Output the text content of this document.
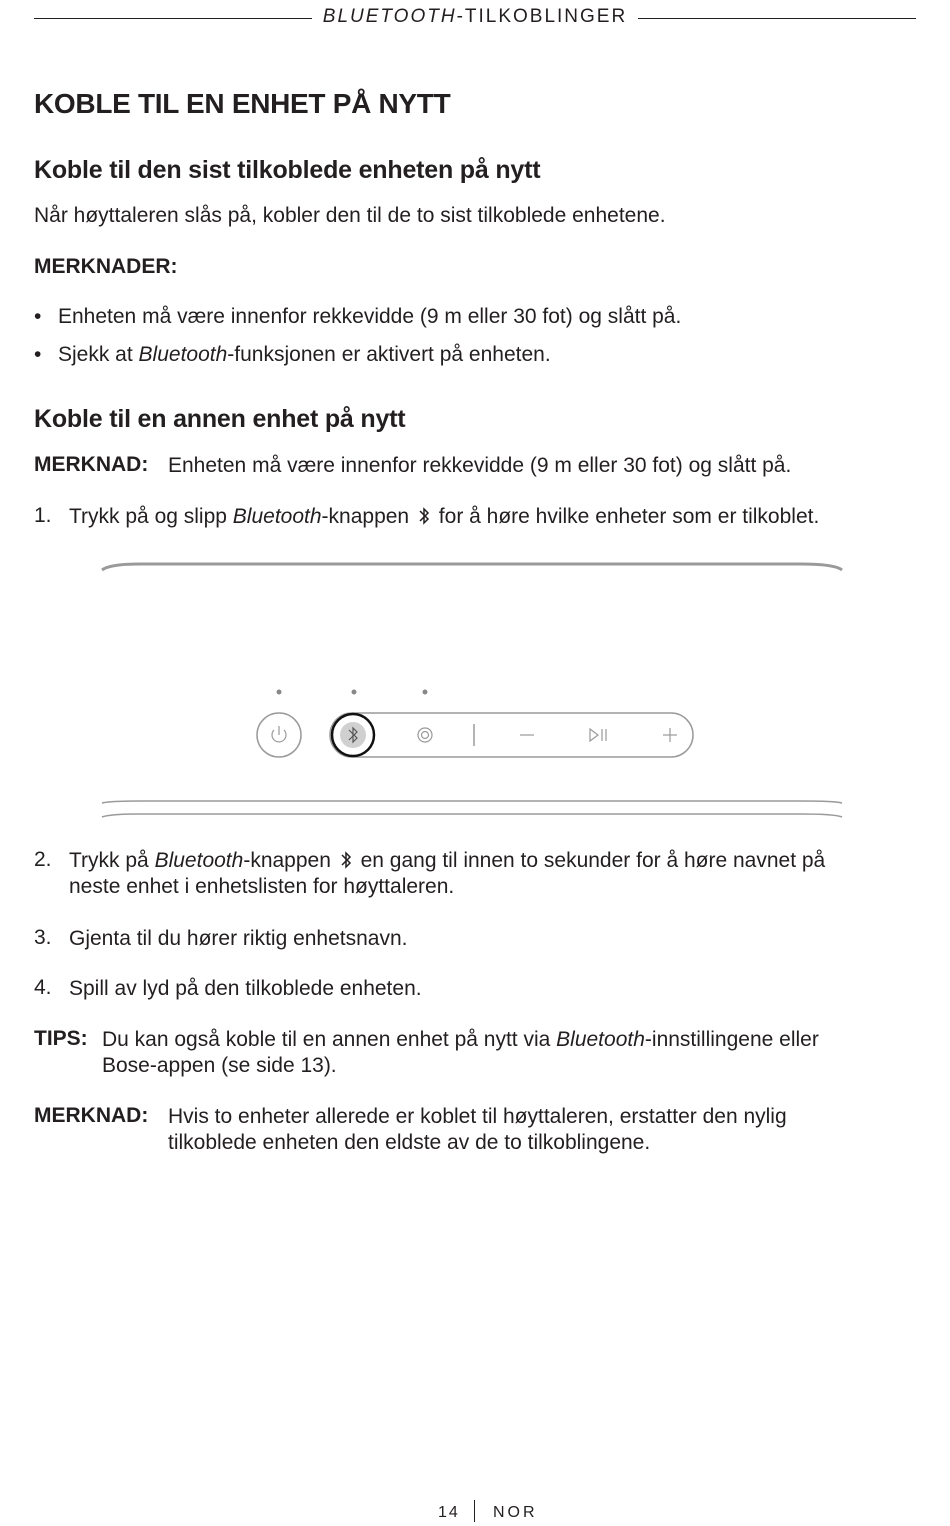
BLUETOOTH-TILKOBLINGER
KOBLE TIL EN ENHET PÅ NYTT
Koble til den sist tilkoblede enheten på nytt
Når høyttaleren slås på, kobler den til de to sist tilkoblede enhetene.
MERKNADER:
• Enheten må være innenfor rekkevidde (9 m eller 30 fot) og slått på.
• Sjekk at Bluetooth-funksjonen er aktivert på enheten.
Koble til en annen enhet på nytt
MERKNAD: Enheten må være innenfor rekkevidde (9 m eller 30 fot) og slått på.
1. Trykk på og slipp Bluetooth-knappen  for å høre hvilke enheter som er tilkoblet.
2. Trykk på Bluetooth-knappen  en gang til innen to sekunder for å høre navnet på
neste enhet i enhetslisten for høyttaleren.
3. Gjenta til du hører riktig enhetsnavn.
4. Spill av lyd på den tilkoblede enheten.
TIPS: Du kan også koble til en annen enhet på nytt via Bluetooth-innstillingene eller
Bose-appen (se side 13).
MERKNAD: Hvis to enheter allerede er koblet til høyttaleren, erstatter den nylig
tilkoblede enheten den eldste av de to tilkoblingene.
14 NOR
